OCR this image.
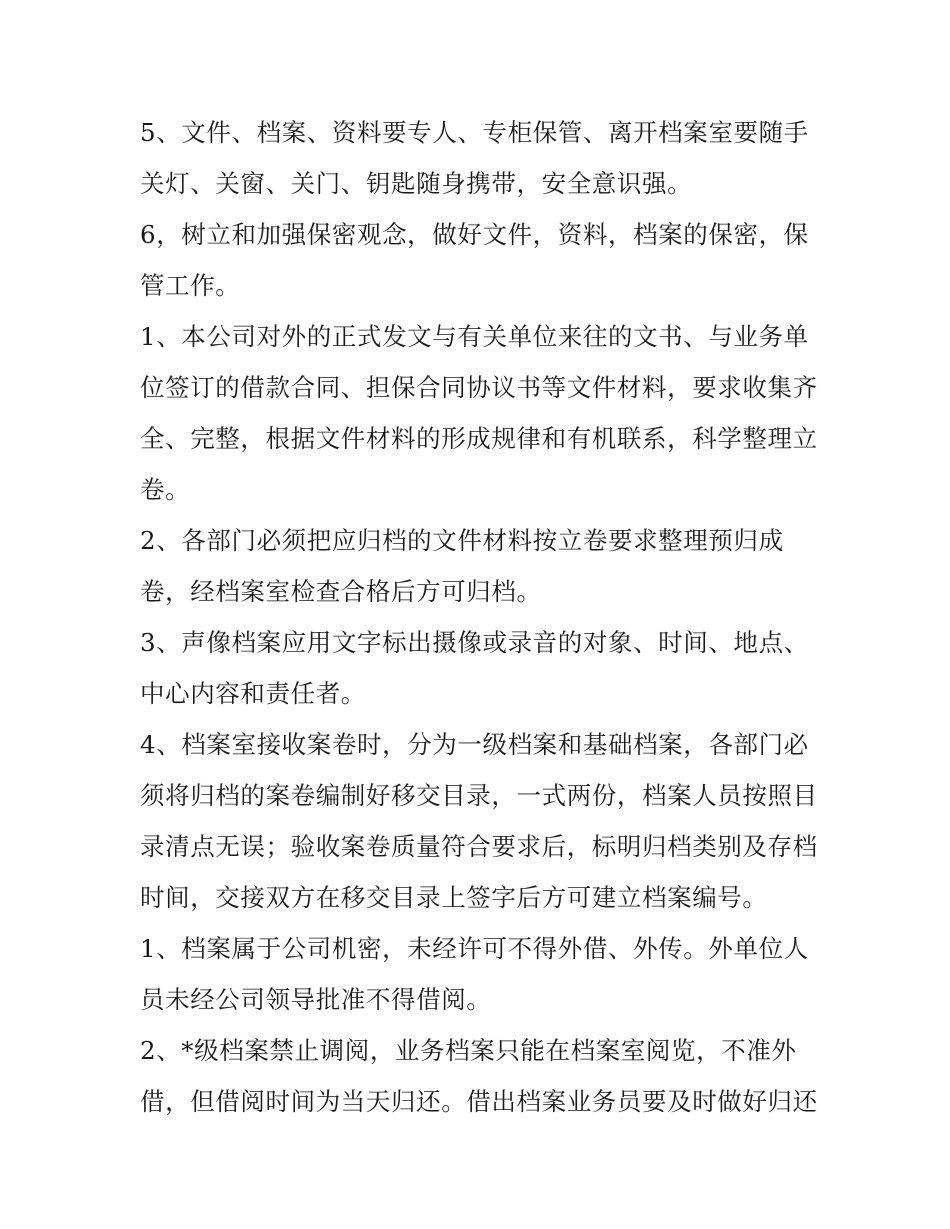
5、文件、档案、资料要专人、专柜保管、离开档案室要随手
关灯、关窗、关门、钥匙随身携带，安全意识强。
6，树立和加强保密观念，做好文件，资料，档案的保密，保
管工作。
1、本公司对外的正式发文与有关单位来往的文书、与业务单
位签订的借款合同、担保合同协议书等文件材料，要求收集齐
全、完整，根据文件材料的形成规律和有机联系，科学整理立
卷。
2、各部门必须把应归档的文件材料按立卷要求整理预归成
卷，经档案室检查合格后方可归档。
3、声像档案应用文字标出摄像或录音的对象、时间、地点、
中心内容和责任者。
4、档案室接收案卷时，分为一级档案和基础档案，各部门必
须将归档的案卷编制好移交目录，一式两份，档案人员按照目
录清点无误；验收案卷质量符合要求后，标明归档类别及存档
时间，交接双方在移交目录上签字后方可建立档案编号。
1、档案属于公司机密，未经许可不得外借、外传。外单位人
员未经公司领导批准不得借阅。
2、*级档案禁止调阅，业务档案只能在档案室阅览，不准外
借，但借阅时间为当天归还。借出档案业务员要及时做好归还
